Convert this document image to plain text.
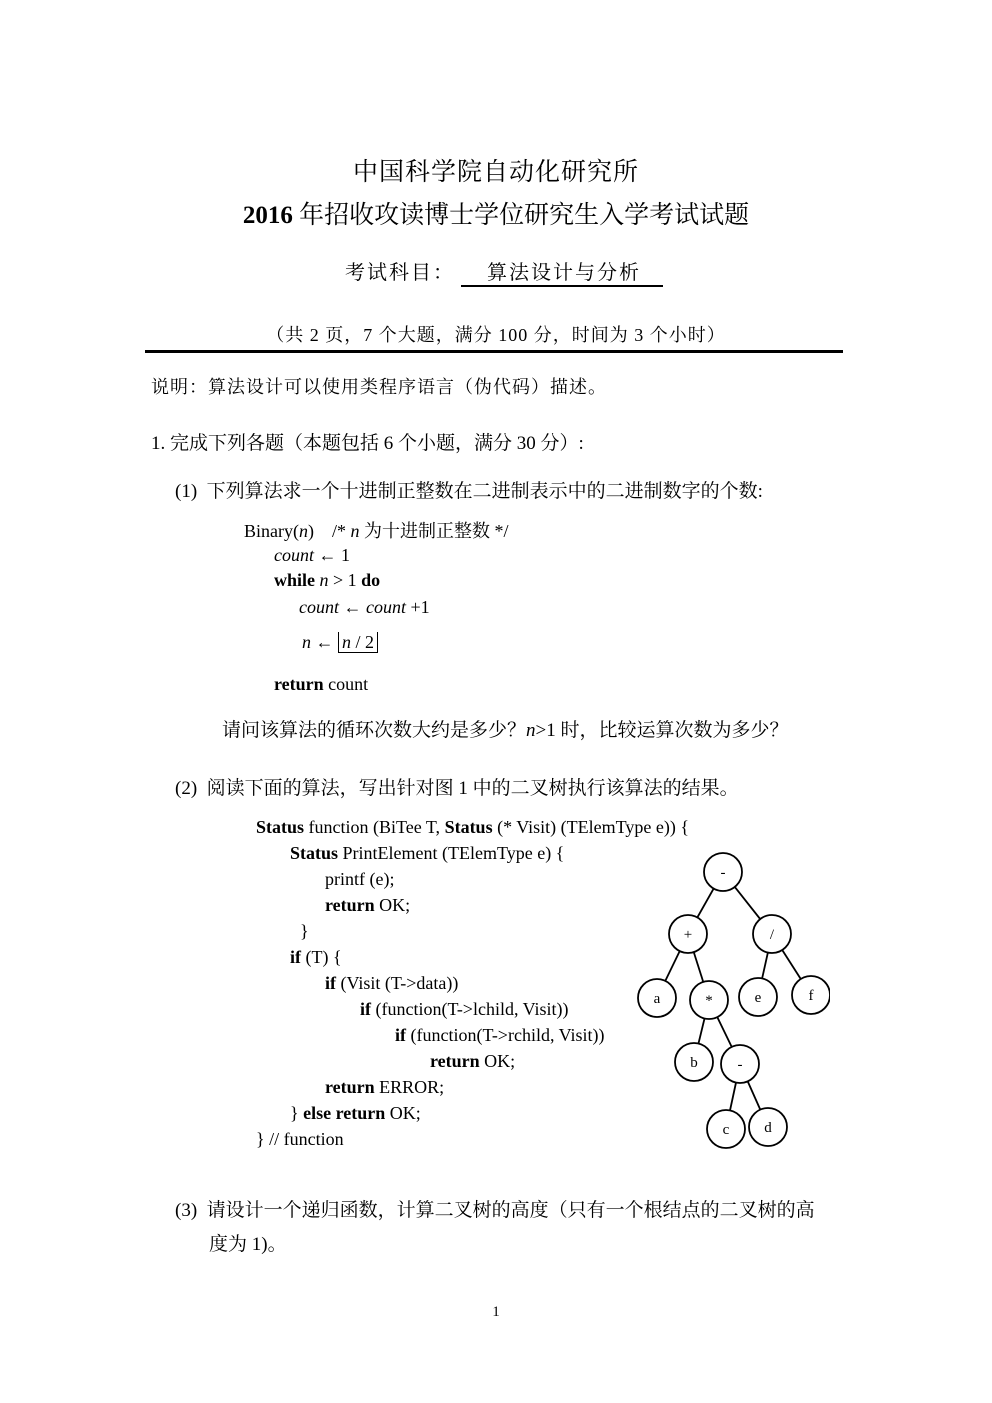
中国科学院自动化研究所
2016 年招收攻读博士学位研究生入学考试试题
考试科目： 算法设计与分析
（共 2 页，7 个大题，满分 100 分，时间为 3 个小时）
说明：算法设计可以使用类程序语言（伪代码）描述。
1. 完成下列各题（本题包括 6 个小题，满分 30 分）:
(1) 下列算法求一个十进制正整数在二进制表示中的二进制数字的个数:
Binary(n) /* n 为十进制正整数 */
count ← 1
while n > 1 do
count ← count +1
n ← n / 2
return count
请问该算法的循环次数大约是多少？n>1 时，比较运算次数为多少？
(2) 阅读下面的算法，写出针对图 1 中的二叉树执行该算法的结果。
Status function (BiTee T, Status (* Visit) (TElemType e)) {
Status PrintElement (TElemType e) {
printf (e);
return OK;
}
if (T) {
if (Visit (T->data))
if (function(T->lchild, Visit))
if (function(T->rchild, Visit))
return OK;
return ERROR;
} else return OK;
} // function
-
+	/
a	*	e	f
b	-
c d
(3) 请设计一个递归函数，计算二叉树的高度（只有一个根结点的二叉树的高
度为 1)。
1
